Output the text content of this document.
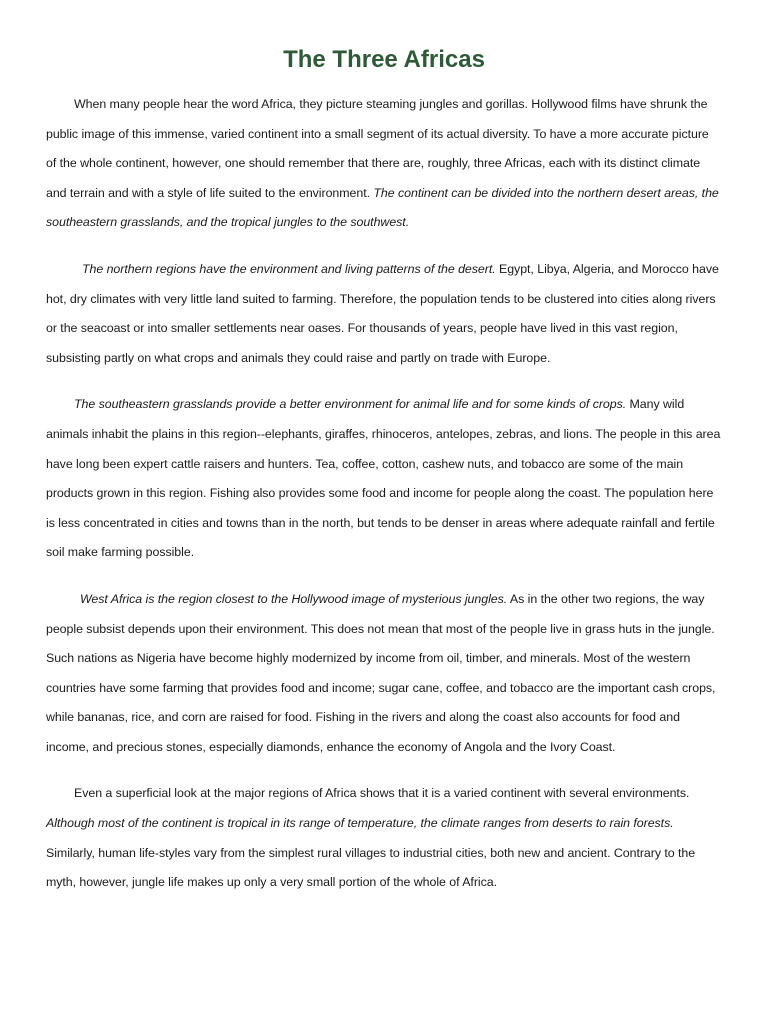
The Three Africas

When many people hear the word Africa, they picture steaming jungles and gorillas. Hollywood films have shrunk the public image of this immense, varied continent into a small segment of its actual diversity. To have a more accurate picture of the whole continent, however, one should remember that there are, roughly, three Africas, each with its distinct climate and terrain and with a style of life suited to the environment. The continent can be divided into the northern desert areas, the southeastern grasslands, and the tropical jungles to the southwest.

The northern regions have the environment and living patterns of the desert. Egypt, Libya, Algeria, and Morocco have hot, dry climates with very little land suited to farming. Therefore, the population tends to be clustered into cities along rivers or the seacoast or into smaller settlements near oases. For thousands of years, people have lived in this vast region, subsisting partly on what crops and animals they could raise and partly on trade with Europe.

The southeastern grasslands provide a better environment for animal life and for some kinds of crops. Many wild animals inhabit the plains in this region--elephants, giraffes, rhinoceros, antelopes, zebras, and lions. The people in this area have long been expert cattle raisers and hunters. Tea, coffee, cotton, cashew nuts, and tobacco are some of the main products grown in this region. Fishing also provides some food and income for people along the coast. The population here is less concentrated in cities and towns than in the north, but tends to be denser in areas where adequate rainfall and fertile soil make farming possible.

West Africa is the region closest to the Hollywood image of mysterious jungles. As in the other two regions, the way people subsist depends upon their environment. This does not mean that most of the people live in grass huts in the jungle. Such nations as Nigeria have become highly modernized by income from oil, timber, and minerals. Most of the western countries have some farming that provides food and income; sugar cane, coffee, and tobacco are the important cash crops, while bananas, rice, and corn are raised for food. Fishing in the rivers and along the coast also accounts for food and income, and precious stones, especially diamonds, enhance the economy of Angola and the Ivory Coast.

Even a superficial look at the major regions of Africa shows that it is a varied continent with several environments. Although most of the continent is tropical in its range of temperature, the climate ranges from deserts to rain forests. Similarly, human life-styles vary from the simplest rural villages to industrial cities, both new and ancient. Contrary to the myth, however, jungle life makes up only a very small portion of the whole of Africa.
